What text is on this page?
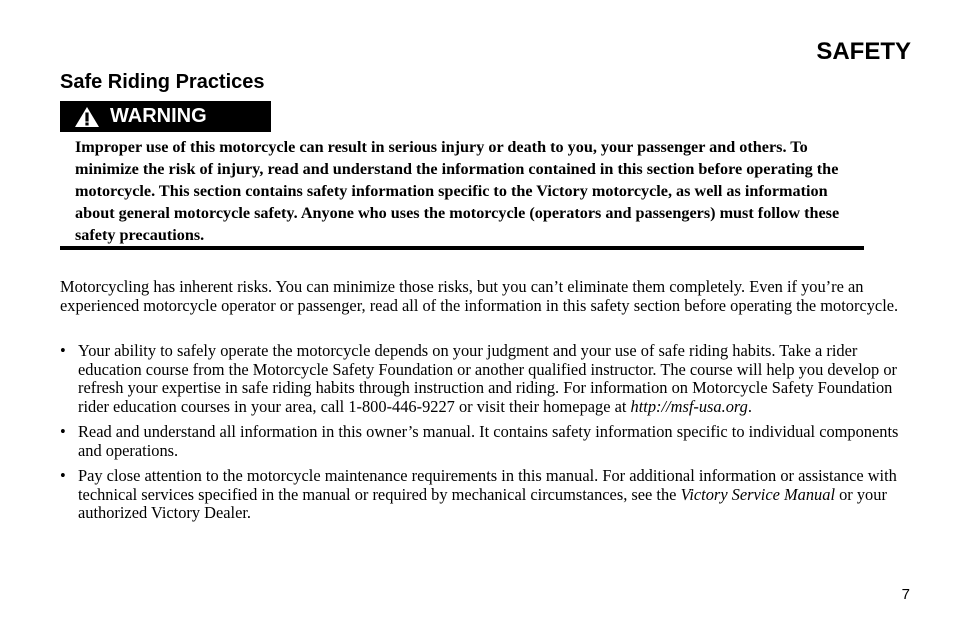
SAFETY
Safe Riding Practices
WARNING
Improper use of this motorcycle can result in serious injury or death to you, your passenger and others. To minimize the risk of injury, read and understand the information contained in this section before operating the motorcycle. This section contains safety information specific to the Victory motorcycle, as well as information about general motorcycle safety. Anyone who uses the motorcycle (operators and passengers) must follow these safety precautions.
Motorcycling has inherent risks. You can minimize those risks, but you can’t eliminate them completely. Even if you’re an experienced motorcycle operator or passenger, read all of the information in this safety section before operating the motorcycle.
• Your ability to safely operate the motorcycle depends on your judgment and your use of safe riding habits. Take a rider education course from the Motorcycle Safety Foundation or another qualified instructor. The course will help you develop or refresh your expertise in safe riding habits through instruction and riding. For information on Motorcycle Safety Foundation rider education courses in your area, call 1-800-446-9227 or visit their homepage at http://msf-usa.org.
• Read and understand all information in this owner’s manual. It contains safety information specific to individual components and operations.
• Pay close attention to the motorcycle maintenance requirements in this manual. For additional information or assistance with technical services specified in the manual or required by mechanical circumstances, see the Victory Service Manual or your authorized Victory Dealer.
7
